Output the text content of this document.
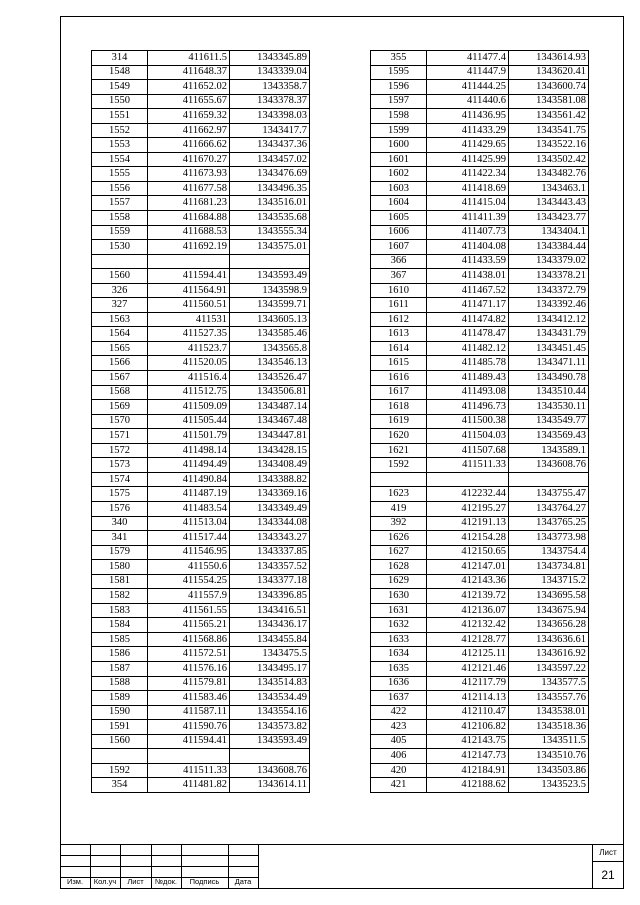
314	411611.5	1343345.89
1548	411648.37	1343339.04
1549	411652.02	1343358.7
1550	411655.67	1343378.37
1551	411659.32	1343398.03
1552	411662.97	1343417.7
1553	411666.62	1343437.36
1554	411670.27	1343457.02
1555	411673.93	1343476.69
1556	411677.58	1343496.35
1557	411681.23	1343516.01
1558	411684.88	1343535.68
1559	411688.53	1343555.34
1530	411692.19	1343575.01

1560	411594.41	1343593.49
326	411564.91	1343598.9
327	411560.51	1343599.71
1563	411531	1343605.13
1564	411527.35	1343585.46
1565	411523.7	1343565.8
1566	411520.05	1343546.13
1567	411516.4	1343526.47
1568	411512.75	1343506.81
1569	411509.09	1343487.14
1570	411505.44	1343467.48
1571	411501.79	1343447.81
1572	411498.14	1343428.15
1573	411494.49	1343408.49
1574	411490.84	1343388.82
1575	411487.19	1343369.16
1576	411483.54	1343349.49
340	411513.04	1343344.08
341	411517.44	1343343.27
1579	411546.95	1343337.85
1580	411550.6	1343357.52
1581	411554.25	1343377.18
1582	411557.9	1343396.85
1583	411561.55	1343416.51
1584	411565.21	1343436.17
1585	411568.86	1343455.84
1586	411572.51	1343475.5
1587	411576.16	1343495.17
1588	411579.81	1343514.83
1589	411583.46	1343534.49
1590	411587.11	1343554.16
1591	411590.76	1343573.82
1560	411594.41	1343593.49

1592	411511.33	1343608.76
354	411481.82	1343614.11
355	411477.4	1343614.93
1595	411447.9	1343620.41
1596	411444.25	1343600.74
1597	411440.6	1343581.08
1598	411436.95	1343561.42
1599	411433.29	1343541.75
1600	411429.65	1343522.16
1601	411425.99	1343502.42
1602	411422.34	1343482.76
1603	411418.69	1343463.1
1604	411415.04	1343443.43
1605	411411.39	1343423.77
1606	411407.73	1343404.1
1607	411404.08	1343384.44
366	411433.59	1343379.02
367	411438.01	1343378.21
1610	411467.52	1343372.79
1611	411471.17	1343392.46
1612	411474.82	1343412.12
1613	411478.47	1343431.79
1614	411482.12	1343451.45
1615	411485.78	1343471.11
1616	411489.43	1343490.78
1617	411493.08	1343510.44
1618	411496.73	1343530.11
1619	411500.38	1343549.77
1620	411504.03	1343569.43
1621	411507.68	1343589.1
1592	411511.33	1343608.76

1623	412232.44	1343755.47
419	412195.27	1343764.27
392	412191.13	1343765.25
1626	412154.28	1343773.98
1627	412150.65	1343754.4
1628	412147.01	1343734.81
1629	412143.36	1343715.2
1630	412139.72	1343695.58
1631	412136.07	1343675.94
1632	412132.42	1343656.28
1633	412128.77	1343636.61
1634	412125.11	1343616.92
1635	412121.46	1343597.22
1636	412117.79	1343577.5
1637	412114.13	1343557.76
422	412110.47	1343538.01
423	412106.82	1343518.36
405	412143.75	1343511.5
406	412147.73	1343510.76
420	412184.91	1343503.86
421	412188.62	1343523.5
Изм.	Кол.уч	Лист	№док.	Подпись	Дата
Лист
21
